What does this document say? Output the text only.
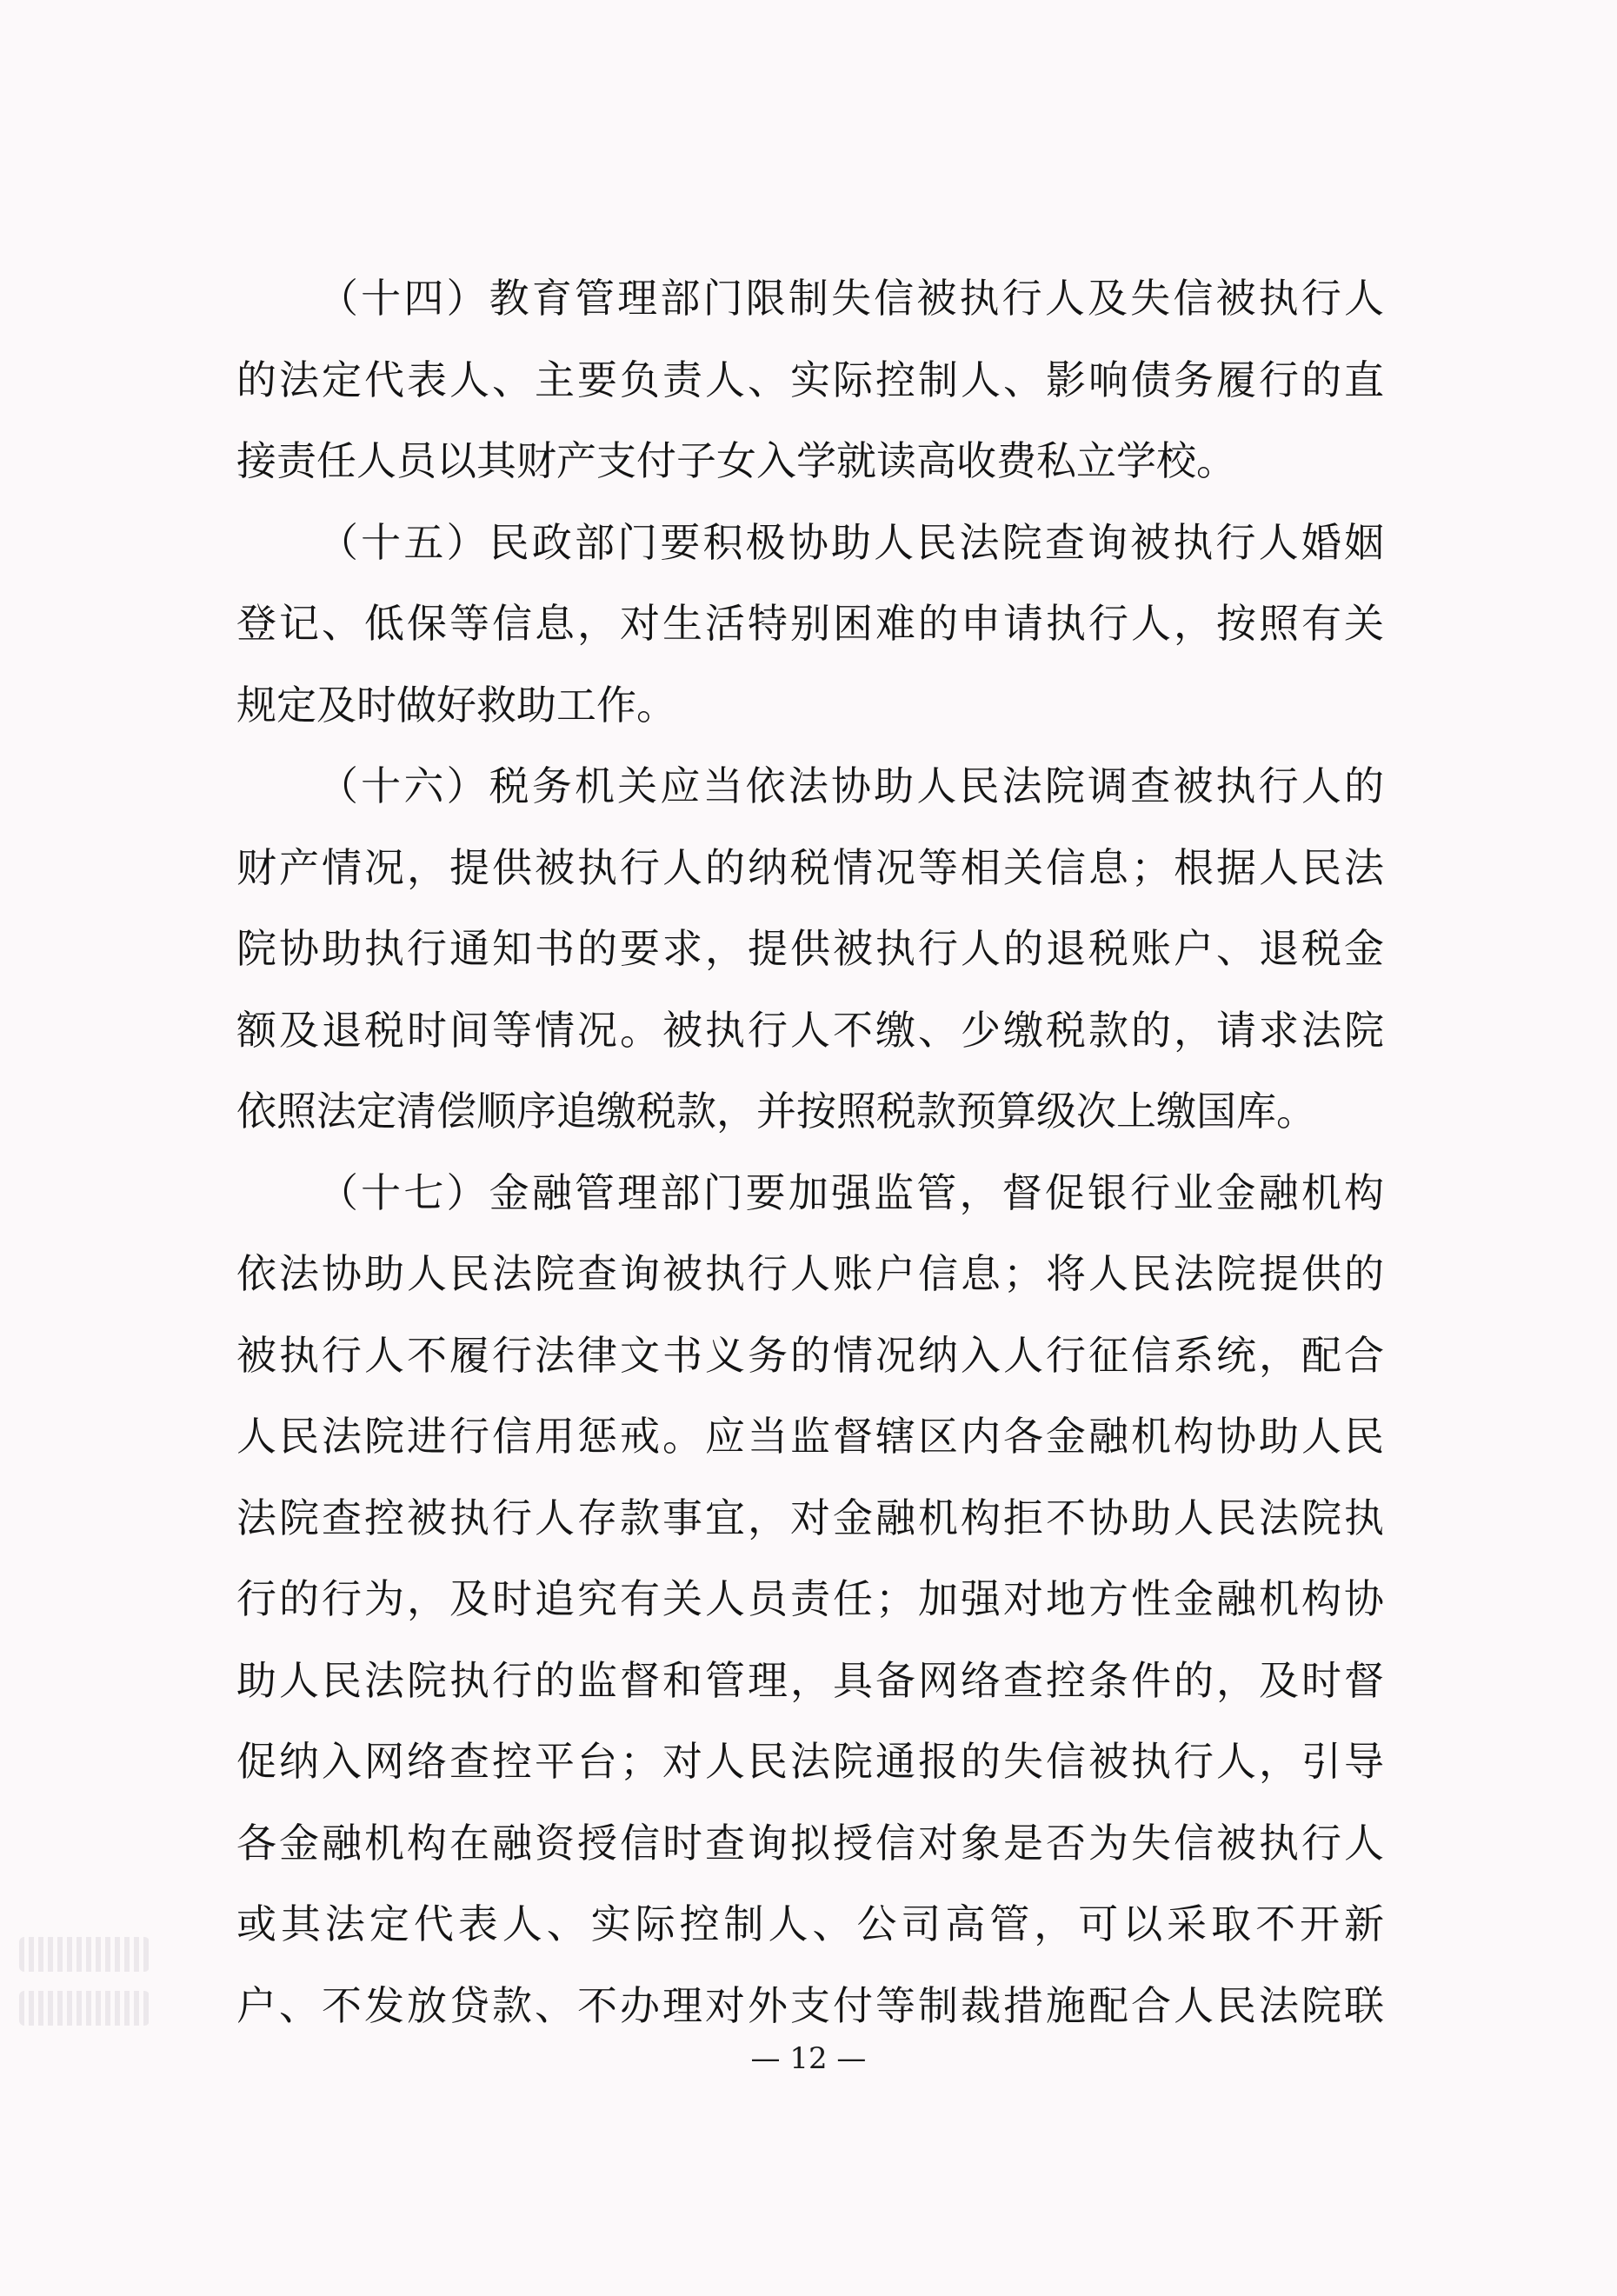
（十四）教育管理部门限制失信被执行人及失信被执行人
的法定代表人、主要负责人、实际控制人、影响债务履行的直
接责任人员以其财产支付子女入学就读高收费私立学校。
（十五）民政部门要积极协助人民法院查询被执行人婚姻
登记、低保等信息，对生活特别困难的申请执行人，按照有关
规定及时做好救助工作。
（十六）税务机关应当依法协助人民法院调查被执行人的
财产情况，提供被执行人的纳税情况等相关信息；根据人民法
院协助执行通知书的要求，提供被执行人的退税账户、退税金
额及退税时间等情况。被执行人不缴、少缴税款的，请求法院
依照法定清偿顺序追缴税款，并按照税款预算级次上缴国库。
（十七）金融管理部门要加强监管，督促银行业金融机构
依法协助人民法院查询被执行人账户信息；将人民法院提供的
被执行人不履行法律文书义务的情况纳入人行征信系统，配合
人民法院进行信用惩戒。应当监督辖区内各金融机构协助人民
法院查控被执行人存款事宜，对金融机构拒不协助人民法院执
行的行为，及时追究有关人员责任；加强对地方性金融机构协
助人民法院执行的监督和管理，具备网络查控条件的，及时督
促纳入网络查控平台；对人民法院通报的失信被执行人，引导
各金融机构在融资授信时查询拟授信对象是否为失信被执行人
或其法定代表人、实际控制人、公司高管，可以采取不开新
户、不发放贷款、不办理对外支付等制裁措施配合人民法院联
— 12 —
